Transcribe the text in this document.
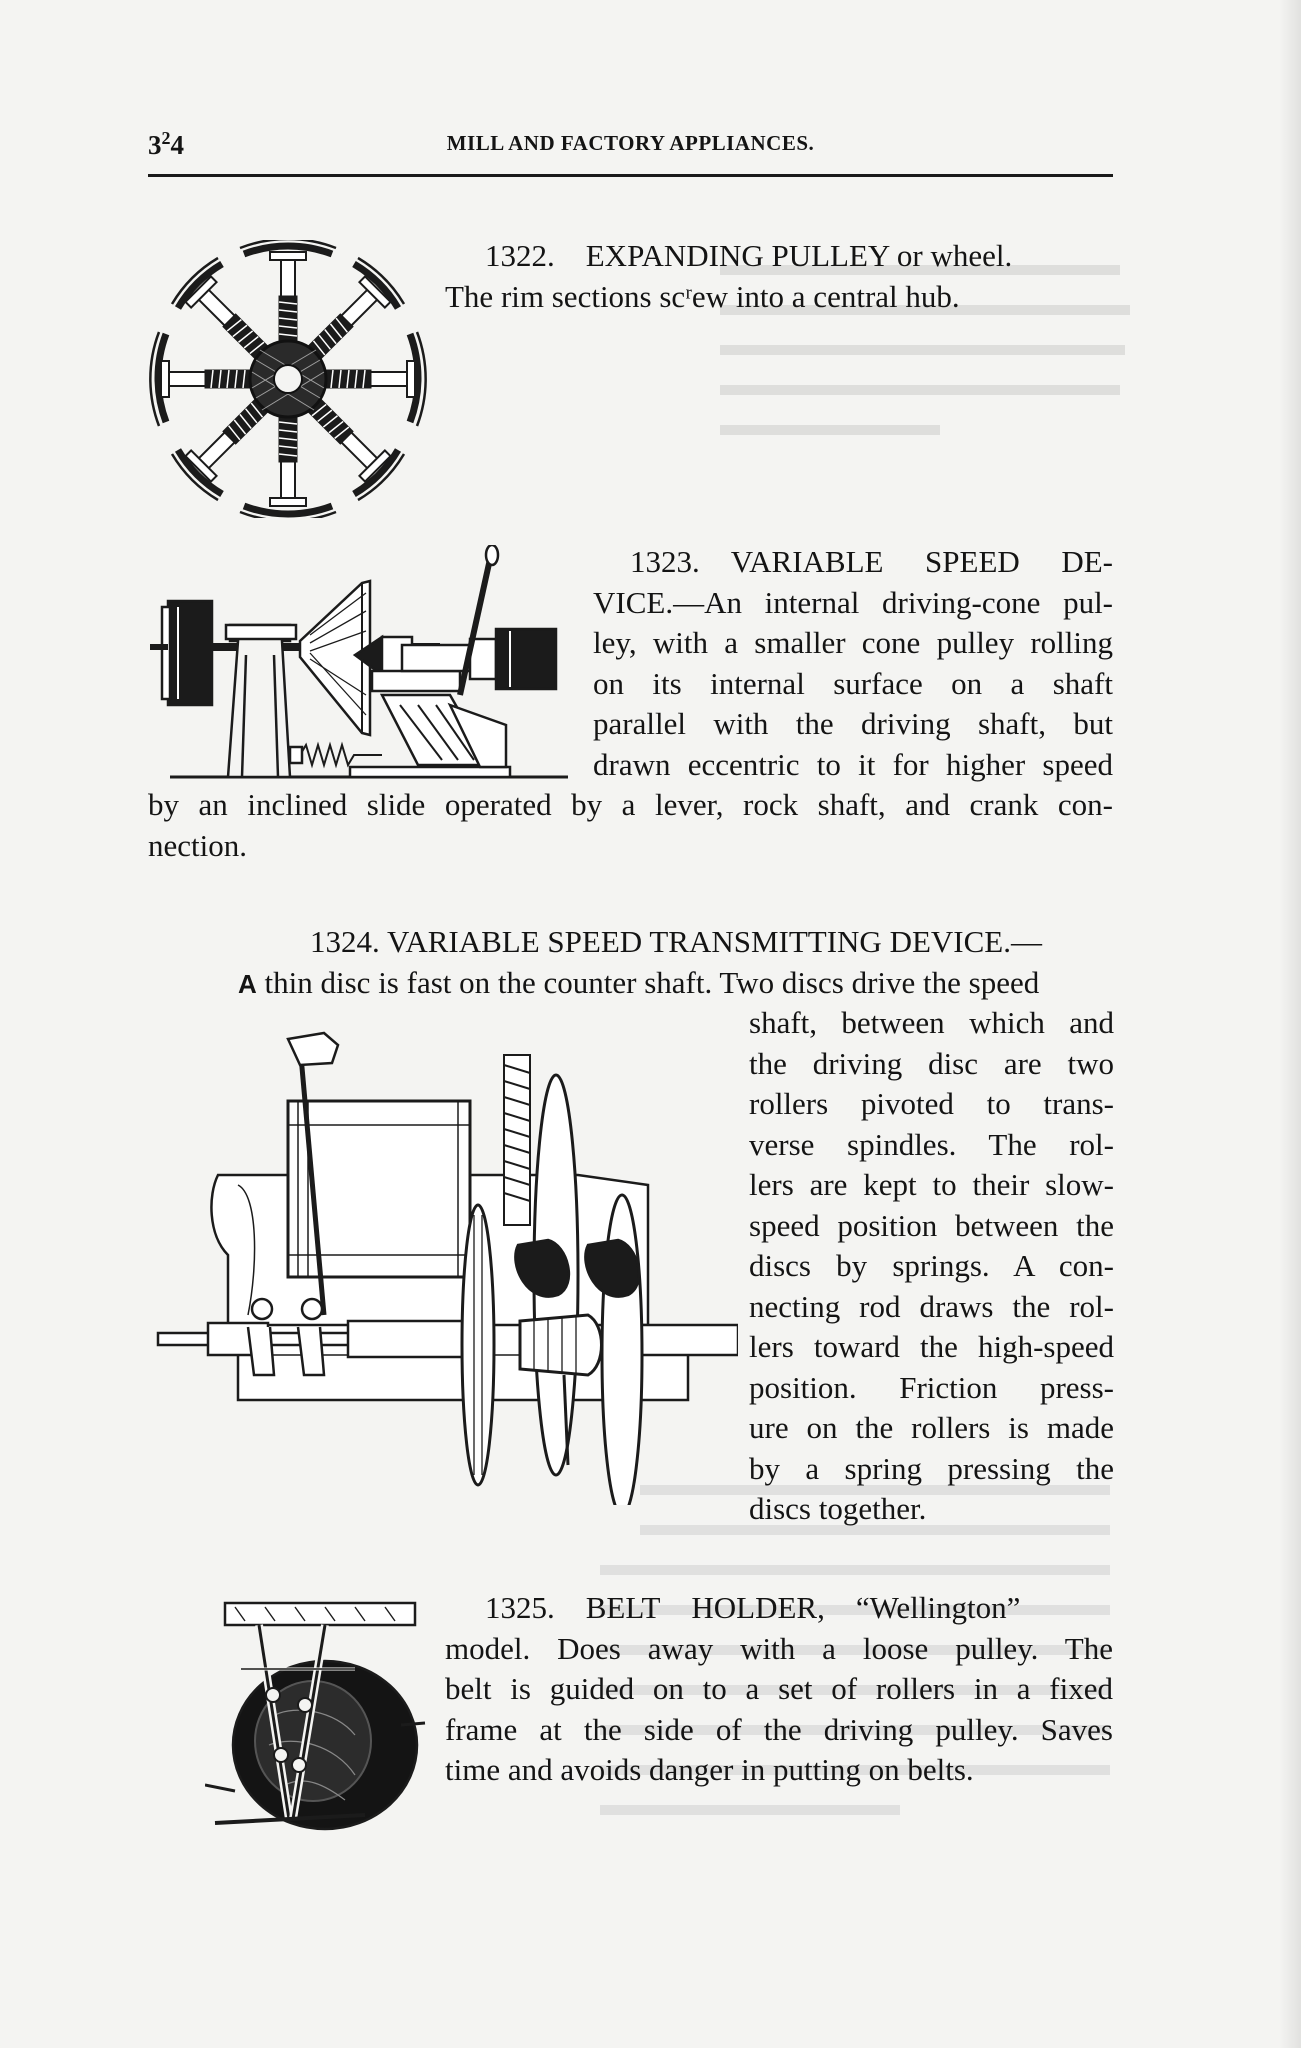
$3^24$	MILL AND FACTORY APPLIANCES.

1322. EXPANDING PULLEY or wheel.

The rim sections scʳew into a central hub.

1323. VARIABLE SPEED DE-

VICE.—An internal driving-cone pul-

ley, with a smaller cone pulley rolling

on its internal surface on a shaft

parallel with the driving shaft, but

drawn eccentric to it for higher speed

by an inclined slide operated by a lever, rock shaft, and crank con-

nection.

1324. VARIABLE SPEED TRANSMITTING DEVICE.—

A thin disc is fast on the counter shaft. Two discs drive the speed

shaft, between which and

the driving disc are two

rollers pivoted to trans-

verse spindles. The rol-

lers are kept to their slow-

speed position between the

discs by springs. A con-

necting rod draws the rol-

lers toward the high-speed

position. Friction press-

ure on the rollers is made

by a spring pressing the

discs together.

1325. BELT HOLDER, “Wellington”

model. Does away with a loose pulley. The

belt is guided on to a set of rollers in a fixed

frame at the side of the driving pulley. Saves

time and avoids danger in putting on belts.
